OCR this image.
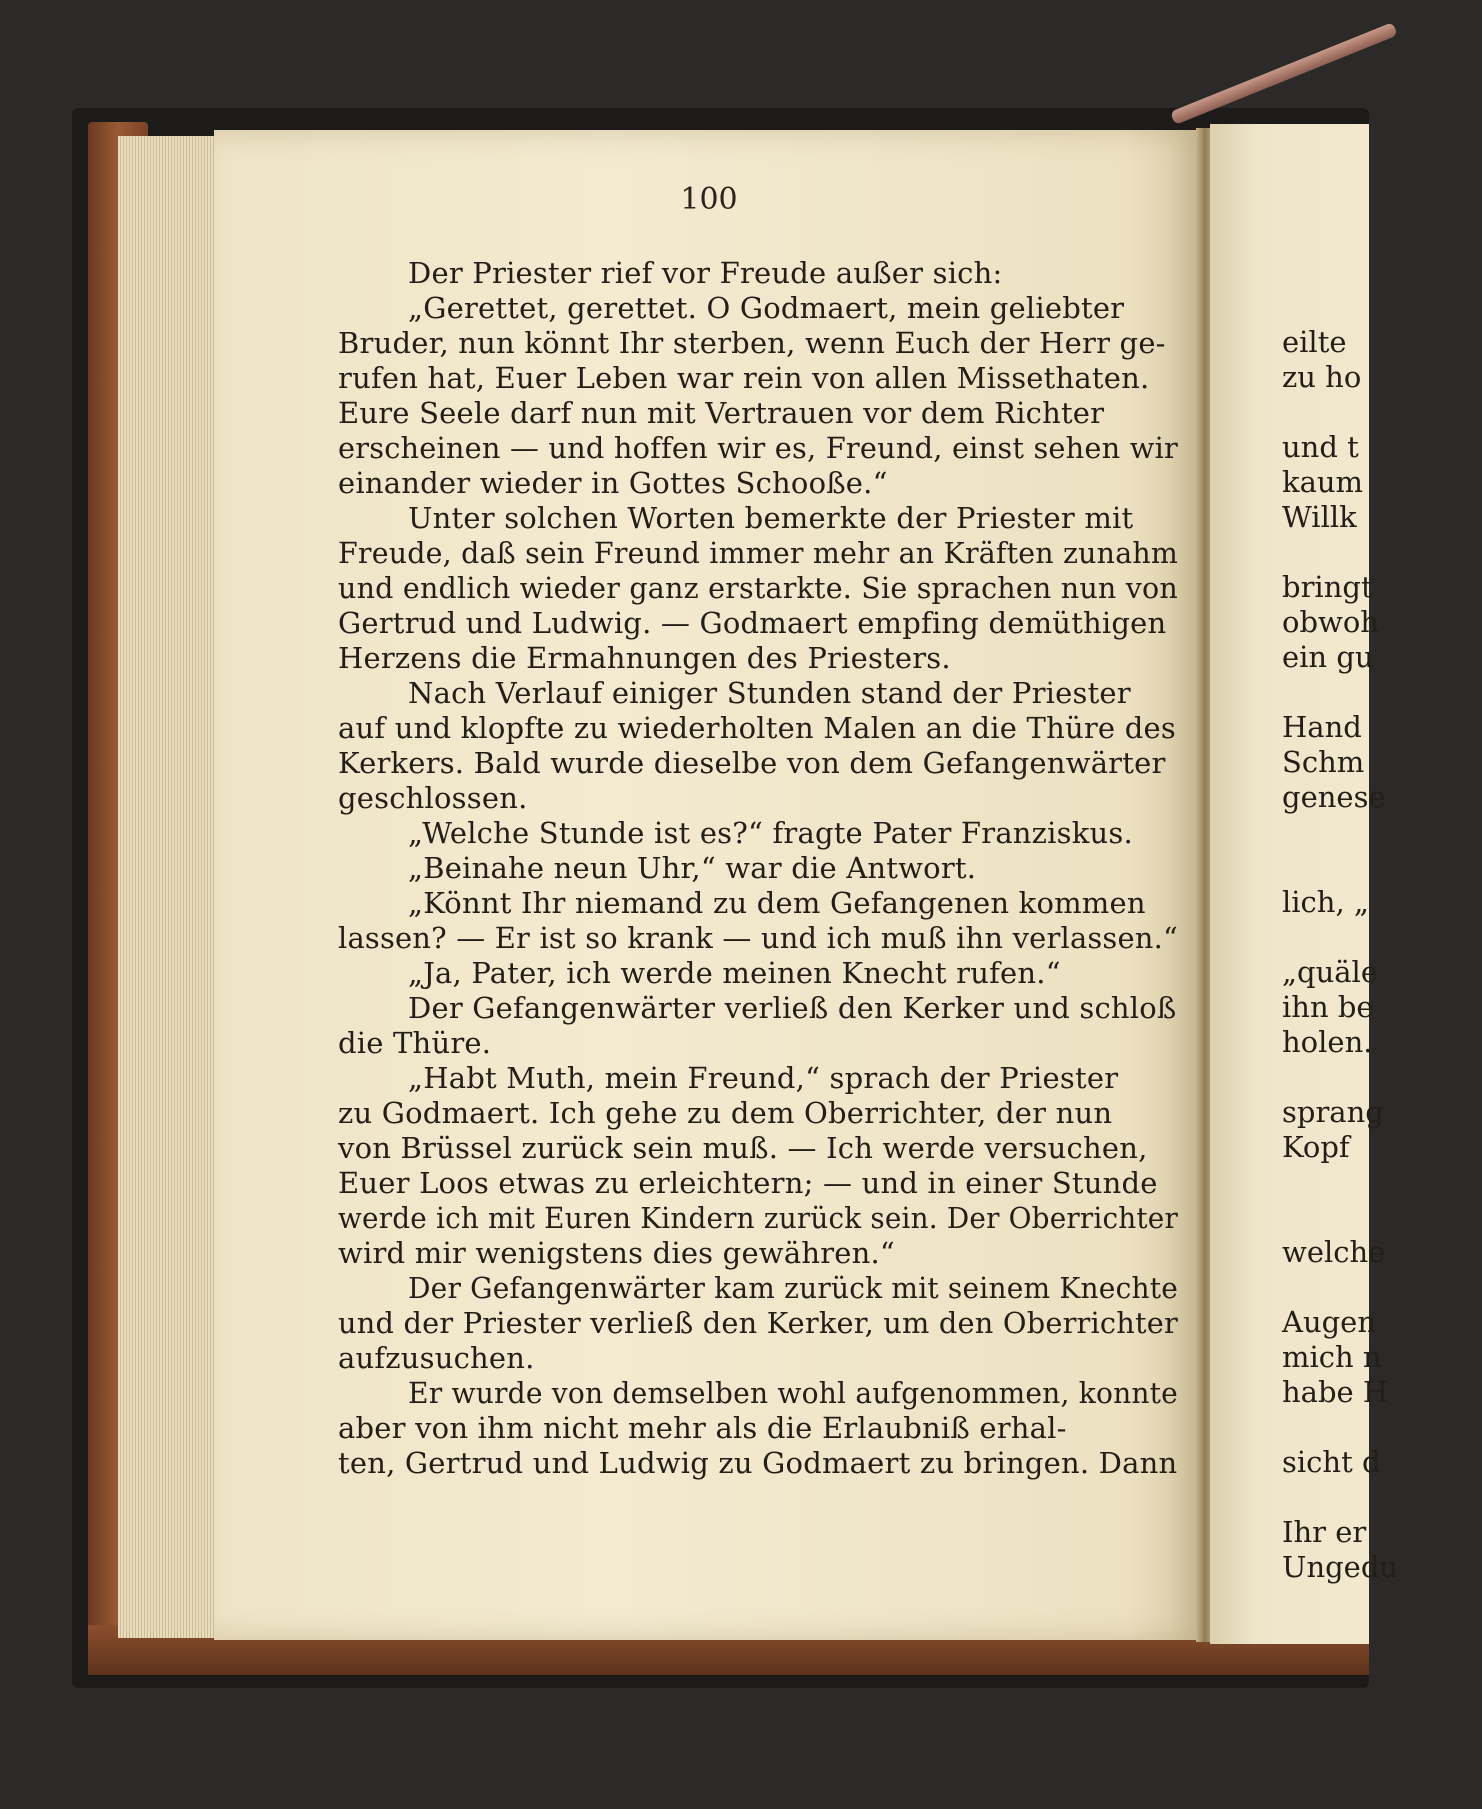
100
Der Priester rief vor Freude außer sich:
„Gerettet, gerettet. O Godmaert, mein geliebter
Bruder, nun könnt Ihr sterben, wenn Euch der Herr ge-
rufen hat, Euer Leben war rein von allen Missethaten.
Eure Seele darf nun mit Vertrauen vor dem Richter
erscheinen — und hoffen wir es, Freund, einst sehen wir
einander wieder in Gottes Schooße.“
Unter solchen Worten bemerkte der Priester mit
Freude, daß sein Freund immer mehr an Kräften zunahm
und endlich wieder ganz erstarkte. Sie sprachen nun von
Gertrud und Ludwig. — Godmaert empfing demüthigen
Herzens die Ermahnungen des Priesters.
Nach Verlauf einiger Stunden stand der Priester
auf und klopfte zu wiederholten Malen an die Thüre des
Kerkers. Bald wurde dieselbe von dem Gefangenwärter
geschlossen.
„Welche Stunde ist es?“ fragte Pater Franziskus.
„Beinahe neun Uhr,“ war die Antwort.
„Könnt Ihr niemand zu dem Gefangenen kommen
lassen? — Er ist so krank — und ich muß ihn verlassen.“
„Ja, Pater, ich werde meinen Knecht rufen.“
Der Gefangenwärter verließ den Kerker und schloß
die Thüre.
„Habt Muth, mein Freund,“ sprach der Priester
zu Godmaert. Ich gehe zu dem Oberrichter, der nun
von Brüssel zurück sein muß. — Ich werde versuchen,
Euer Loos etwas zu erleichtern; — und in einer Stunde
werde ich mit Euren Kindern zurück sein. Der Oberrichter
wird mir wenigstens dies gewähren.“
Der Gefangenwärter kam zurück mit seinem Knechte
und der Priester verließ den Kerker, um den Oberrichter
aufzusuchen.
Er wurde von demselben wohl aufgenommen, konnte
aber von ihm nicht mehr als die Erlaubniß erhal-
ten, Gertrud und Ludwig zu Godmaert zu bringen. Dann
eilte
zu ho
und t
kaum
Willk
bringt
obwoh
ein gu
Hand
Schm
genese
lich, „
„quäle
ihn be
holen.
sprang
Kopf
welche
Augen
mich n
habe H
sicht d
Ihr er
Ungedu
